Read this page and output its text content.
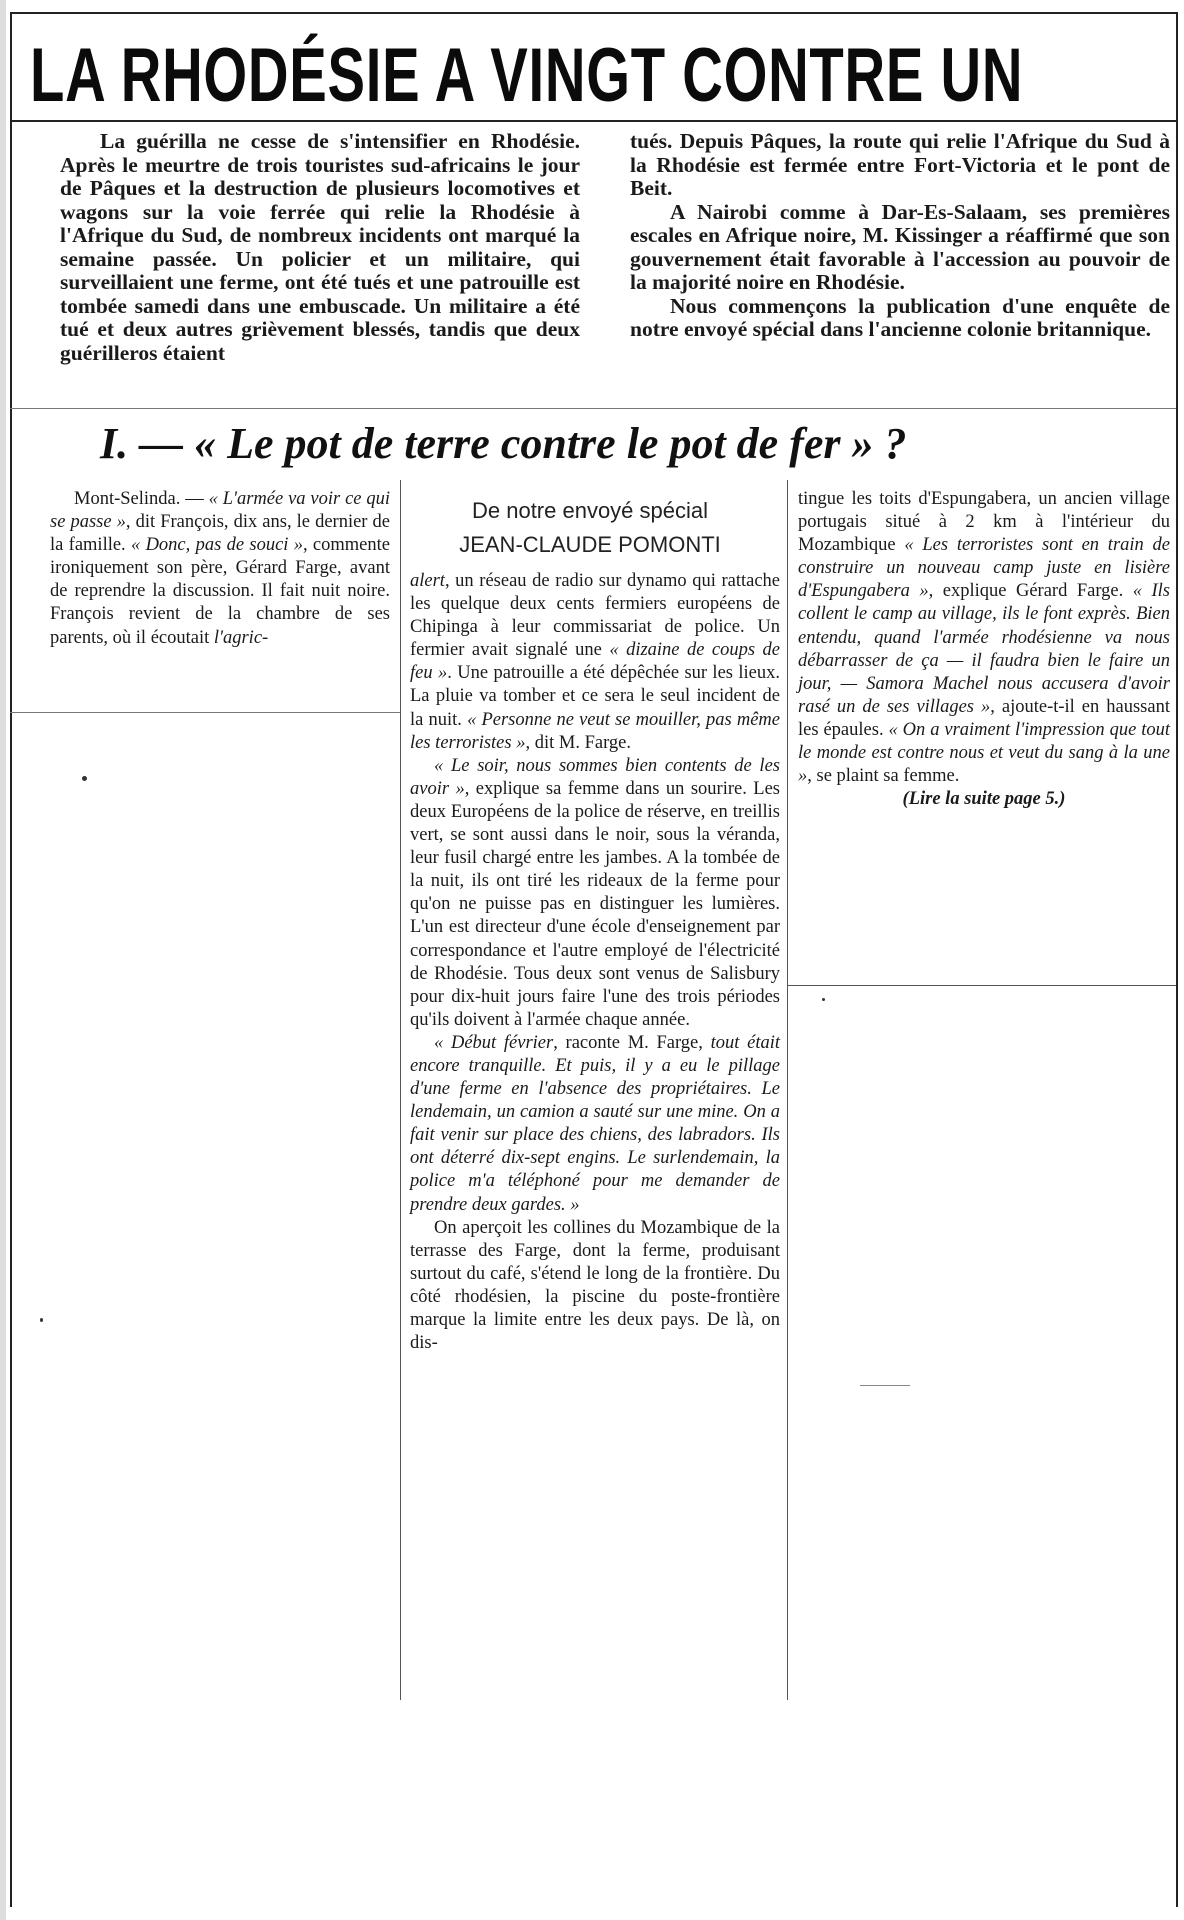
LA RHODÉSIE A VINGT CONTRE UN

La guérilla ne cesse de s'intensifier en Rhodésie. Après le meurtre de trois touristes sud-africains le jour de Pâques et la destruction de plusieurs locomotives et wagons sur la voie ferrée qui relie la Rhodésie à l'Afrique du Sud, de nombreux incidents ont marqué la semaine passée. Un policier et un militaire, qui surveillaient une ferme, ont été tués et une patrouille est tombée samedi dans une embuscade. Un militaire a été tué et deux autres grièvement blessés, tandis que deux guérilleros étaient

tués. Depuis Pâques, la route qui relie l'Afrique du Sud à la Rhodésie est fermée entre Fort-Victoria et le pont de Beit.

A Nairobi comme à Dar-Es-Salaam, ses premières escales en Afrique noire, M. Kissinger a réaffirmé que son gouvernement était favorable à l'accession au pouvoir de la majorité noire en Rhodésie.

Nous commençons la publication d'une enquête de notre envoyé spécial dans l'ancienne colonie britannique.

I. — « Le pot de terre contre le pot de fer » ?

Mont-Selinda. — « L'armée va voir ce qui se passe », dit François, dix ans, le dernier de la famille. « Donc, pas de souci », commente ironiquement son père, Gérard Farge, avant de reprendre la discussion. Il fait nuit noire. François revient de la chambre de ses parents, où il écoutait l'agric-

De notre envoyé spécial
JEAN-CLAUDE POMONTI

alert, un réseau de radio sur dynamo qui rattache les quelque deux cents fermiers européens de Chipinga à leur commissariat de police. Un fermier avait signalé une « dizaine de coups de feu ». Une patrouille a été dépêchée sur les lieux. La pluie va tomber et ce sera le seul incident de la nuit. « Personne ne veut se mouiller, pas même les terroristes », dit M. Farge.

« Le soir, nous sommes bien contents de les avoir », explique sa femme dans un sourire. Les deux Européens de la police de réserve, en treillis vert, se sont aussi dans le noir, sous la véranda, leur fusil chargé entre les jambes. A la tombée de la nuit, ils ont tiré les rideaux de la ferme pour qu'on ne puisse pas en distinguer les lumières. L'un est directeur d'une école d'enseignement par correspondance et l'autre employé de l'électricité de Rhodésie. Tous deux sont venus de Salisbury pour dix-huit jours faire l'une des trois périodes qu'ils doivent à l'armée chaque année.

« Début février, raconte M. Farge, tout était encore tranquille. Et puis, il y a eu le pillage d'une ferme en l'absence des propriétaires. Le lendemain, un camion a sauté sur une mine. On a fait venir sur place des chiens, des labradors. Ils ont déterré dix-sept engins. Le surlendemain, la police m'a téléphoné pour me demander de prendre deux gardes. »

On aperçoit les collines du Mozambique de la terrasse des Farge, dont la ferme, produisant surtout du café, s'étend le long de la frontière. Du côté rhodésien, la piscine du poste-frontière marque la limite entre les deux pays. De là, on dis-

tingue les toits d'Espungabera, un ancien village portugais situé à 2 km à l'intérieur du Mozambique « Les terroristes sont en train de construire un nouveau camp juste en lisière d'Espungabera », explique Gérard Farge. « Ils collent le camp au village, ils le font exprès. Bien entendu, quand l'armée rhodésienne va nous débarrasser de ça — il faudra bien le faire un jour, — Samora Machel nous accusera d'avoir rasé un de ses villages », ajoute-t-il en haussant les épaules. « On a vraiment l'impression que tout le monde est contre nous et veut du sang à la une », se plaint sa femme.

(Lire la suite page 5.)
